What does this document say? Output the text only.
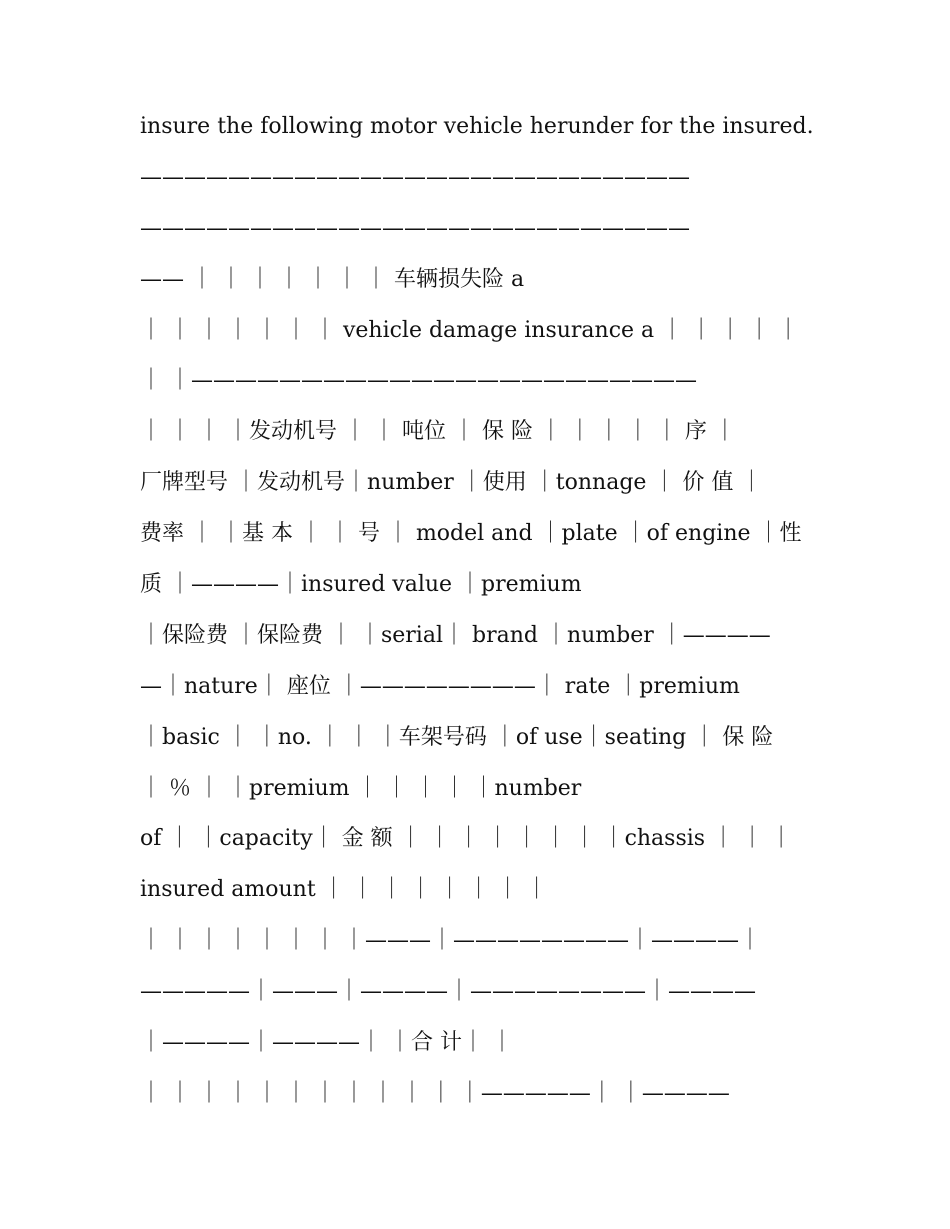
insure the following motor vehicle herunder for the insured.
—————————————————————————
—————————————————————————
—— ｜ ｜ ｜ ｜ ｜ ｜ ｜ 车辆损失险 a
｜ ｜ ｜ ｜ ｜ ｜ ｜ vehicle damage insurance a ｜ ｜ ｜ ｜ ｜
｜ ｜———————————————————————
｜ ｜ ｜ ｜发动机号 ｜ ｜ 吨位 ｜ 保 险 ｜ ｜ ｜ ｜ ｜ 序 ｜
厂牌型号 ｜发动机号｜number ｜使用 ｜tonnage ｜ 价 值 ｜
费率 ｜ ｜基 本 ｜ ｜ 号 ｜ model and ｜plate ｜of engine ｜性
质 ｜————｜insured value ｜premium
｜保险费 ｜保险费 ｜ ｜serial｜ brand ｜number ｜————
—｜nature｜ 座位 ｜————————｜ rate ｜premium
｜basic ｜ ｜no. ｜ ｜ ｜车架号码 ｜of use｜seating ｜ 保 险
｜ ％ ｜ ｜premium ｜ ｜ ｜ ｜ ｜number
of ｜ ｜capacity｜ 金 额 ｜ ｜ ｜ ｜ ｜ ｜ ｜ ｜chassis ｜ ｜ ｜
insured amount ｜ ｜ ｜ ｜ ｜ ｜ ｜ ｜
｜ ｜ ｜ ｜ ｜ ｜ ｜ ｜———｜————————｜————｜
—————｜———｜————｜————————｜————
｜————｜————｜ ｜合 计｜ ｜
｜ ｜ ｜ ｜ ｜ ｜ ｜ ｜ ｜ ｜ ｜ ｜—————｜ ｜————
